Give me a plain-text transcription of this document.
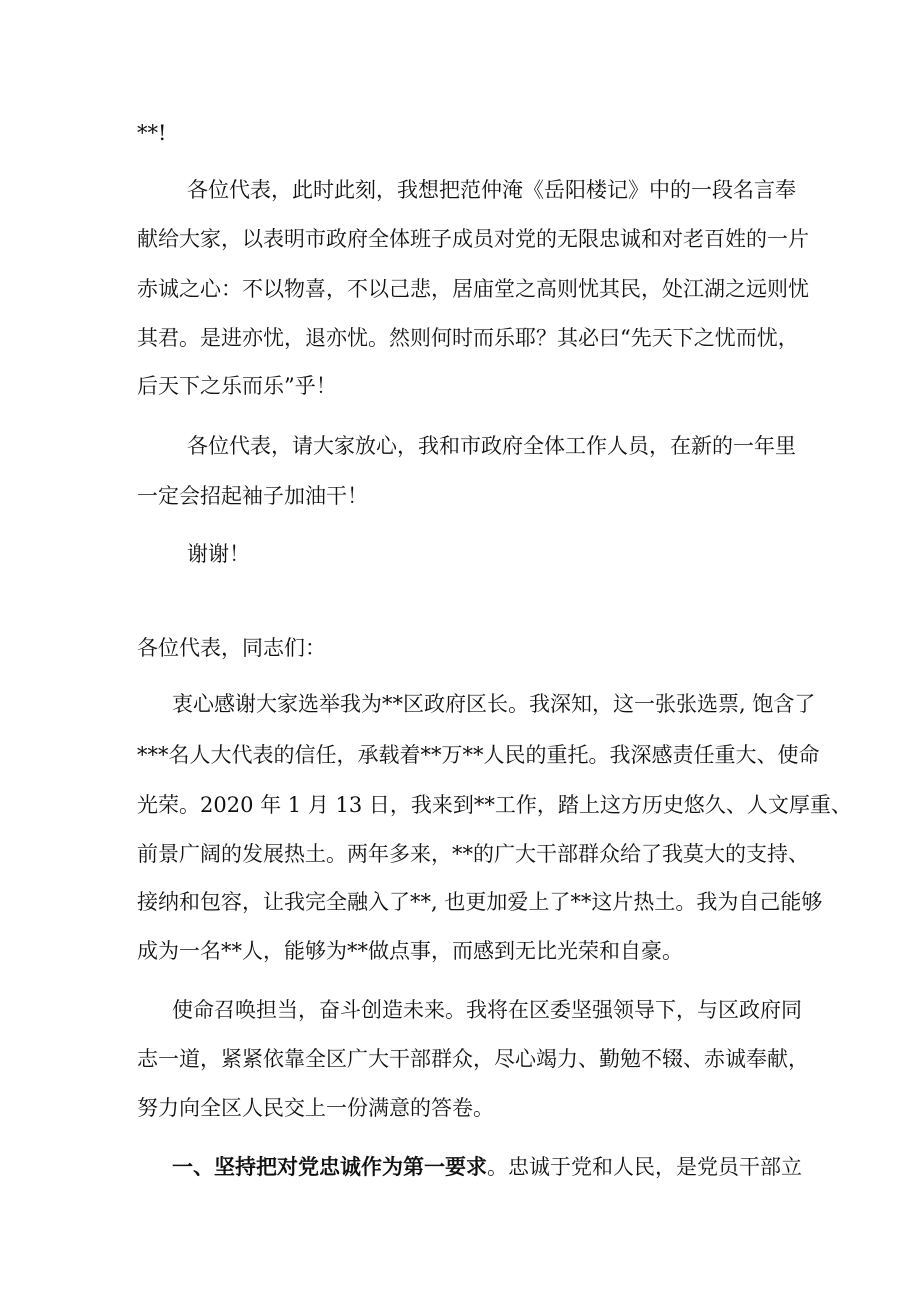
**!
各位代表，此时此刻，我想把范仲淹《岳阳楼记》中的一段名言奉
献给大家，以表明市政府全体班子成员对党的无限忠诚和对老百姓的一片
赤诚之心：不以物喜，不以己悲，居庙堂之高则忧其民，处江湖之远则忧
其君。是进亦忧，退亦忧。然则何时而乐耶？其必曰“先天下之忧而忧，
后天下之乐而乐”乎！
各位代表，请大家放心，我和市政府全体工作人员，在新的一年里
一定会招起袖子加油干！
谢谢！
各位代表，同志们：
衷心感谢大家选举我为**区政府区长。我深知，这一张张选票, 饱含了
***名人大代表的信任，承载着**万**人民的重托。我深感责任重大、使命
光荣。2020 年 1 月 13 日，我来到**工作，踏上这方历史悠久、人文厚重、
前景广阔的发展热土。两年多来，**的广大干部群众给了我莫大的支持、
接纳和包容，让我完全融入了**, 也更加爱上了**这片热土。我为自己能够
成为一名**人，能够为**做点事，而感到无比光荣和自豪。
使命召唤担当，奋斗创造未来。我将在区委坚强领导下，与区政府同
志一道，紧紧依靠全区广大干部群众，尽心竭力、勤勉不辍、赤诚奉献，
努力向全区人民交上一份满意的答卷。
一、坚持把对党忠诚作为第一要求。忠诚于党和人民，是党员干部立
